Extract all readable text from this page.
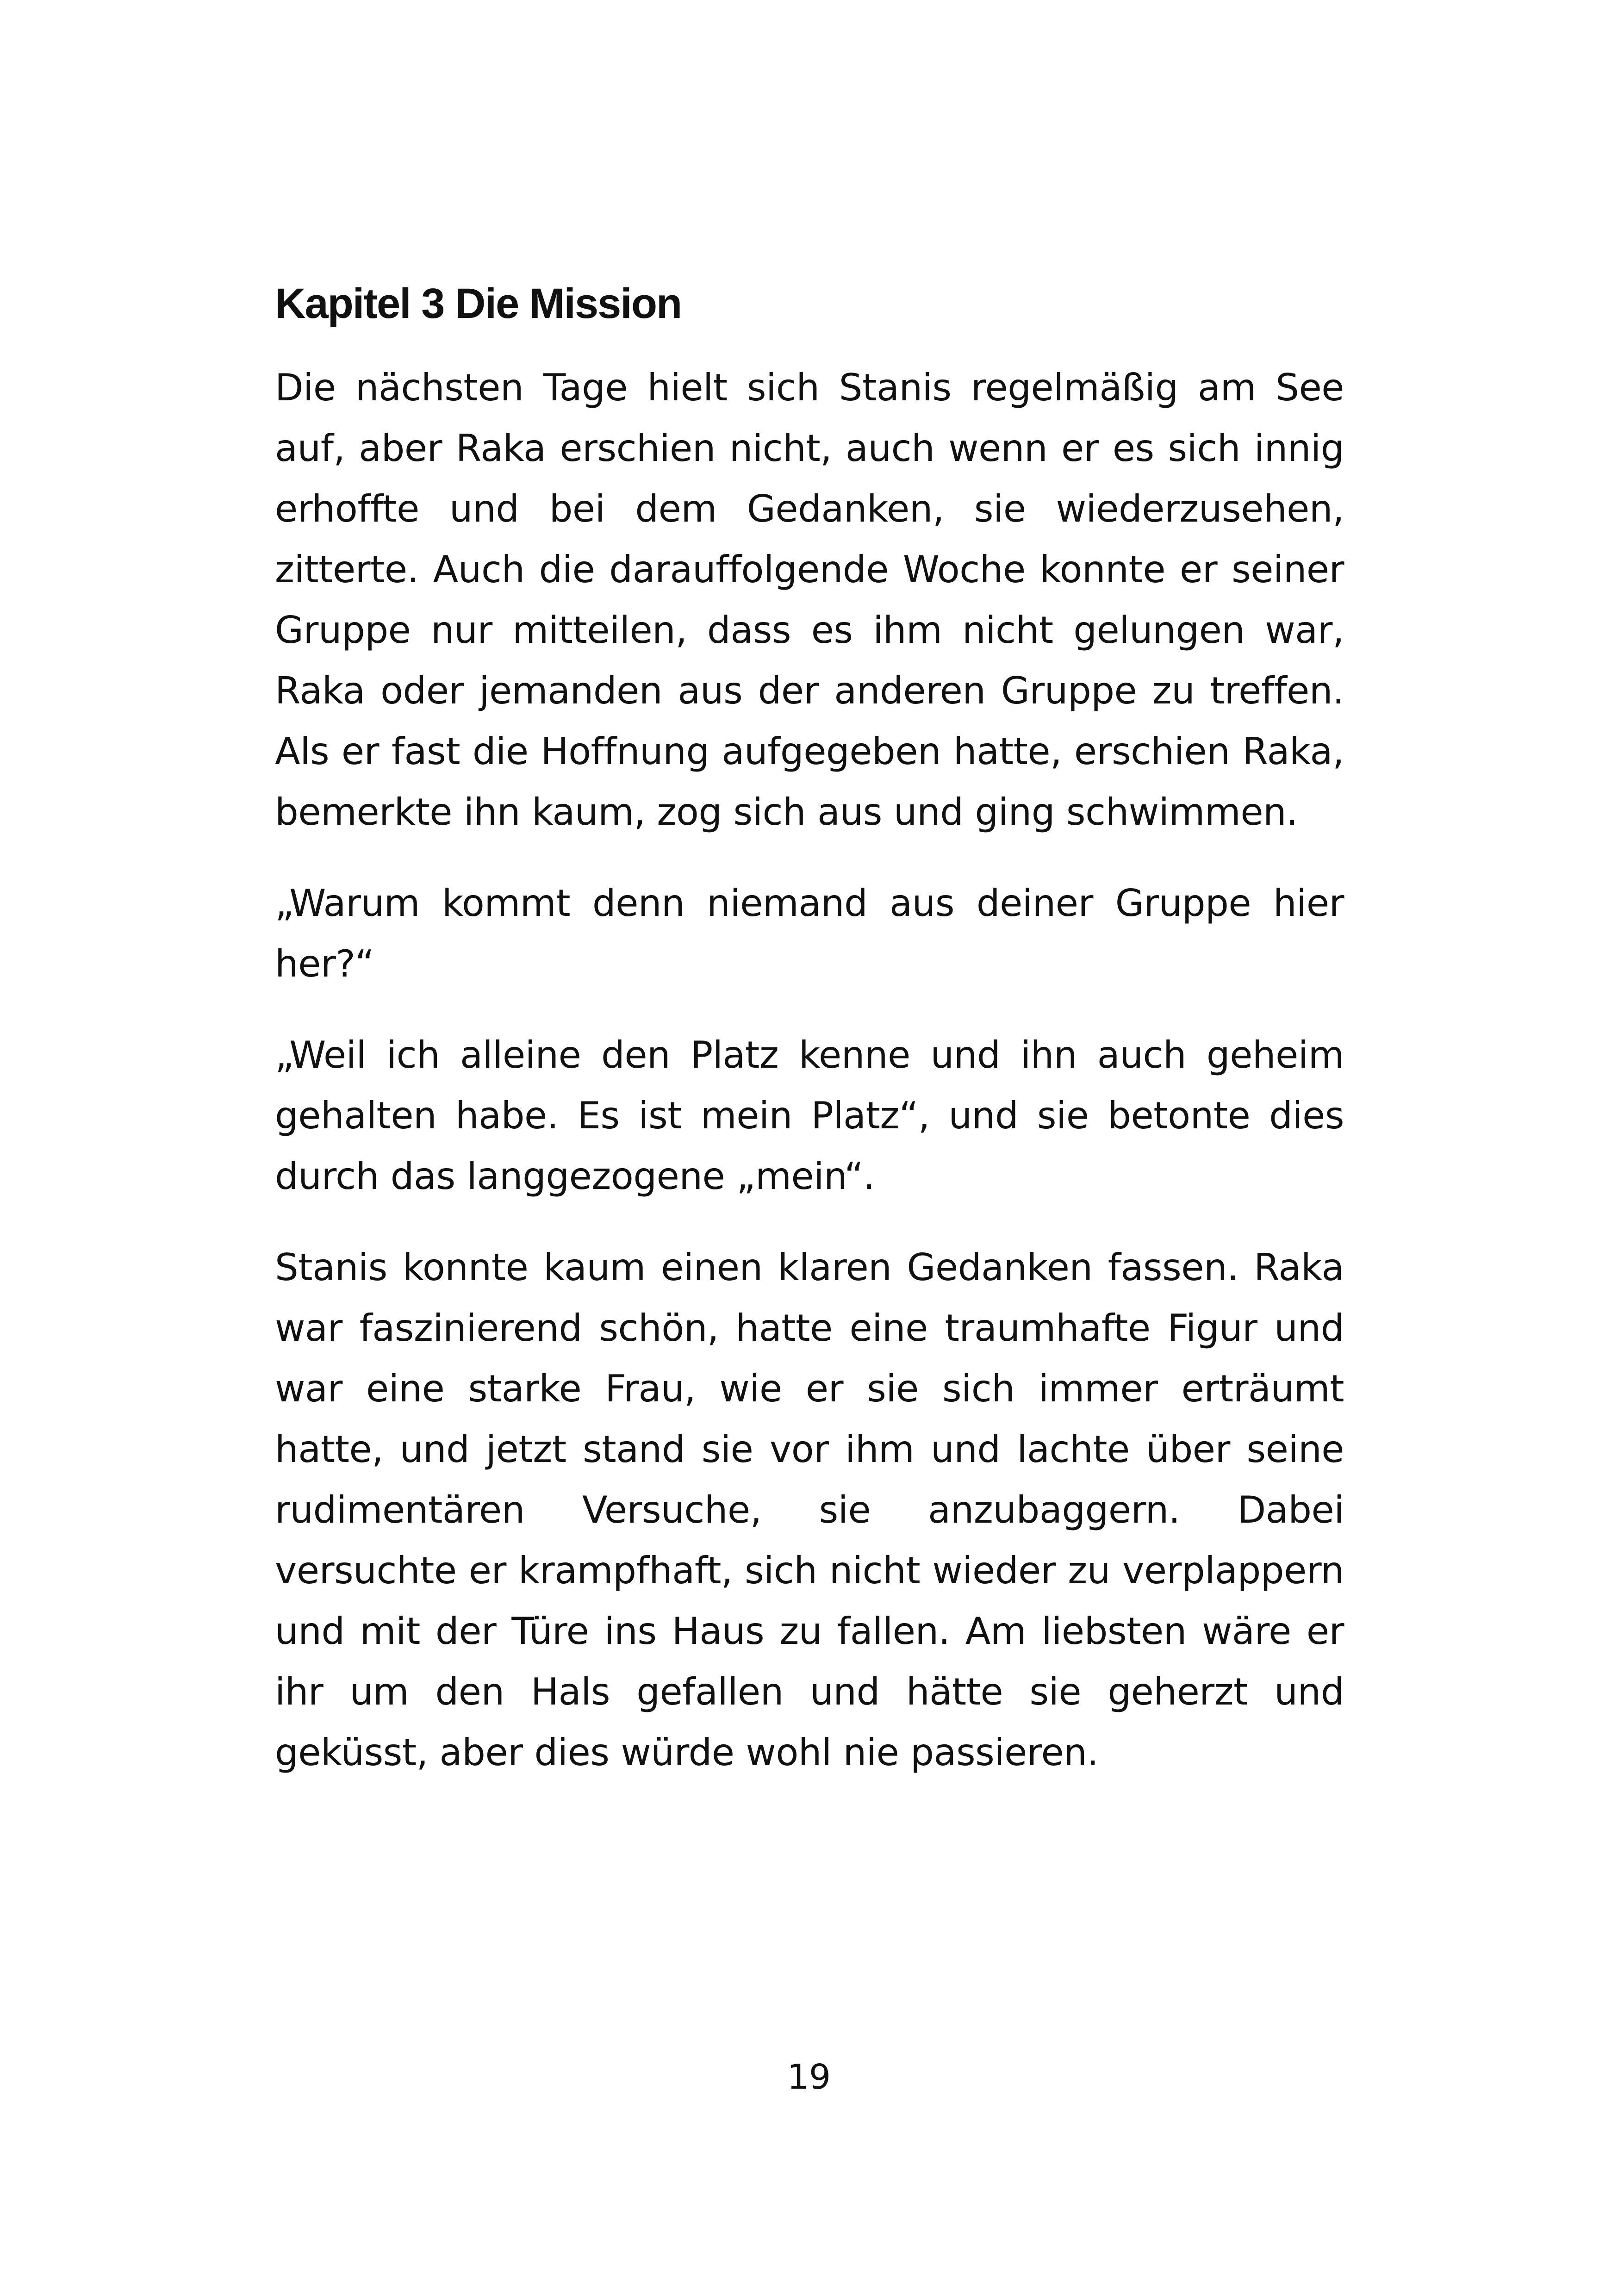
Kapitel 3 Die Mission

Die nächsten Tage hielt sich Stanis regelmäßig am See auf, aber Raka erschien nicht, auch wenn er es sich innig erhoffte und bei dem Gedanken, sie wiederzusehen, zitterte. Auch die darauffolgende Woche konnte er seiner Gruppe nur mitteilen, dass es ihm nicht gelungen war, Raka oder jemanden aus der anderen Gruppe zu treffen. Als er fast die Hoffnung aufgegeben hatte, erschien Raka, bemerkte ihn kaum, zog sich aus und ging schwimmen.

„Warum kommt denn niemand aus deiner Gruppe hier her?“

„Weil ich alleine den Platz kenne und ihn auch geheim gehalten habe. Es ist mein Platz“, und sie betonte dies durch das langgezogene „mein“.

Stanis konnte kaum einen klaren Gedanken fassen. Raka war faszinierend schön, hatte eine traumhafte Figur und war eine starke Frau, wie er sie sich immer erträumt hatte, und jetzt stand sie vor ihm und lachte über seine rudimentären Versuche, sie anzubaggern. Dabei versuchte er krampfhaft, sich nicht wieder zu verplappern und mit der Türe ins Haus zu fallen. Am liebsten wäre er ihr um den Hals gefallen und hätte sie geherzt und geküsst, aber dies würde wohl nie passieren.

19
